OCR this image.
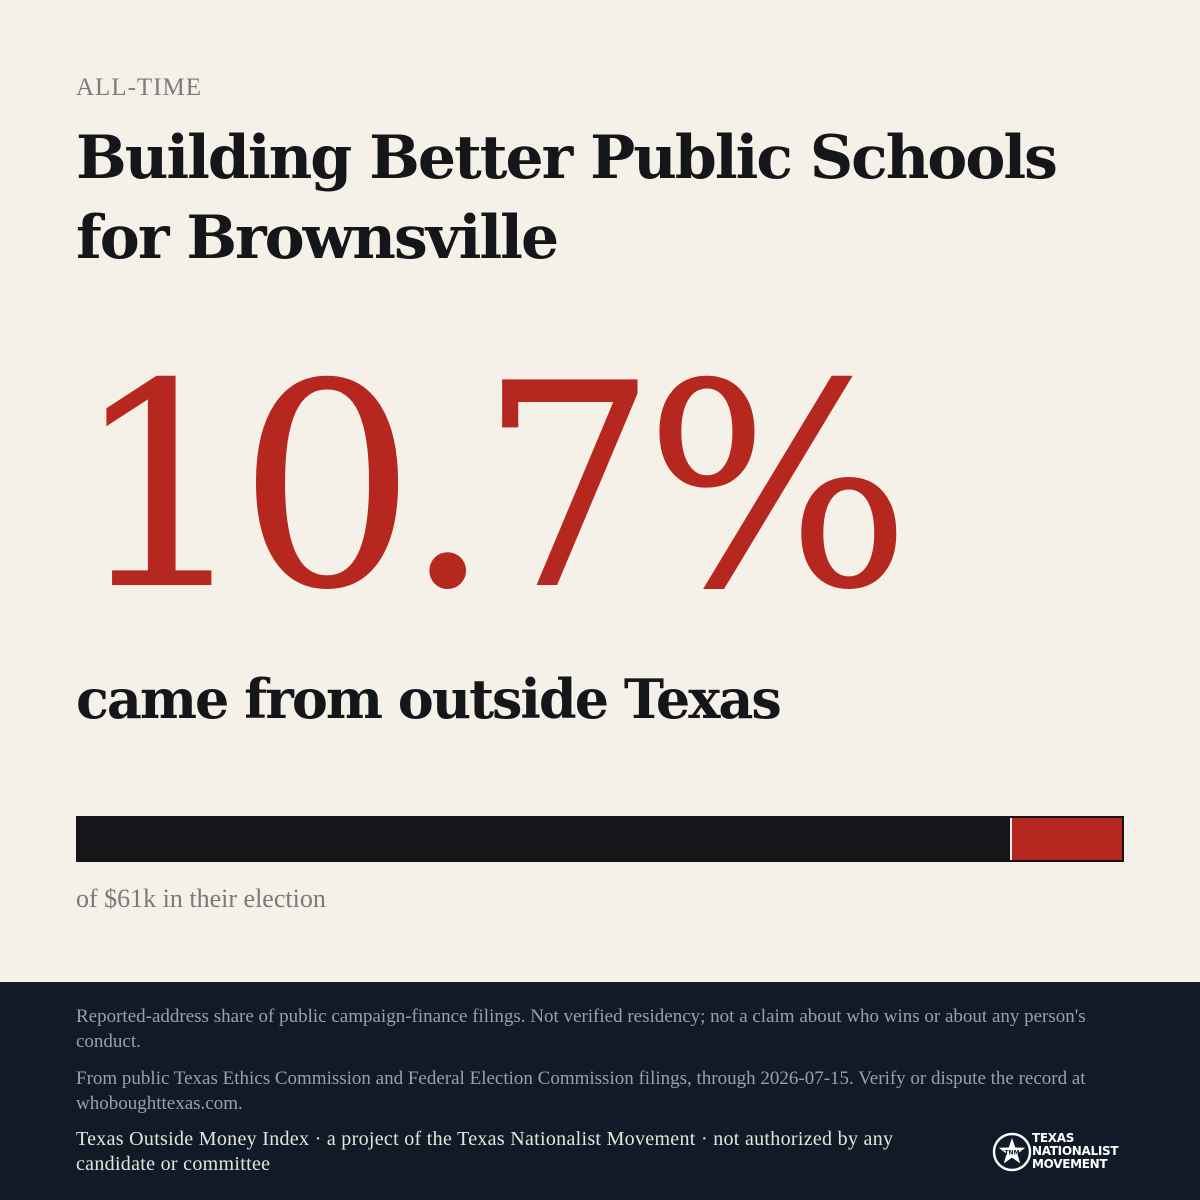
ALL-TIME
Building Better Public Schools for Brownsville
10.7%
came from outside Texas
of $61k in their election

Reported-address share of public campaign-finance filings. Not verified residency; not a claim about who wins or about any person's conduct.

From public Texas Ethics Commission and Federal Election Commission filings, through 2026-07-15. Verify or dispute the record at whoboughttexas.com.

Texas Outside Money Index · a project of the Texas Nationalist Movement · not authorized by any candidate or committee	TNM
TEXAS
NATIONALIST
MOVEMENT
